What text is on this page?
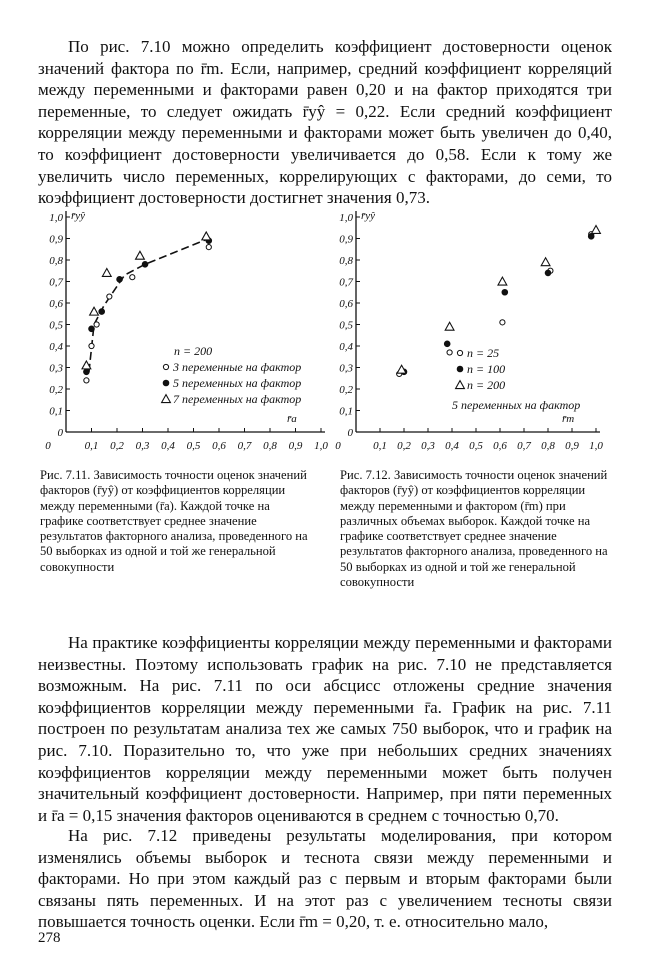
По рис. 7.10 можно определить коэффициент достоверности оценок значений фактора по r̄m. Если, например, средний коэффициент корреляций между переменными и факторами равен 0,20 и на фактор приходятся три переменные, то следует ожидать r̄yŷ = 0,22. Если средний коэффициент корреляции между переменными и факторами может быть увеличен до 0,40, то коэффициент достоверности увеличивается до 0,58. Если к тому же увеличить число переменных, коррелирующих с факторами, до семи, то коэффициент достоверности достигнет значения 0,73.

0
0,1
0,2
0,3
0,4
0,5
0,6
0,7
0,8
0,9
1,0
0,1 0,2 0,3 0,4 0,5 0,6 0,7 0,8 0,9 1,0
0
r̄yŷ
r̄a
n = 200
3 переменные на фактор
5 переменных на фактор
7 переменных на фактор
0
0,1
0,2
0,3
0,4
0,5
0,6
0,7
0,8
0,9
1,0
0,1 0,2 0,3 0,4 0,5 0,6 0,7 0,8 0,9 1,0
0
r̄yŷ
r̄m
n = 25
n = 100
n = 200
5 переменных на фактор

Рис. 7.11. Зависимость точности оценок значений факторов (r̄yŷ) от коэффициентов корреляции между переменными (r̄a). Каждой точке на графике соответствует среднее значение результатов факторного анализа, проведенного на 50 выборках из одной и той же генеральной совокупности

Рис. 7.12. Зависимость точности оценок значений факторов (r̄yŷ) от коэффициентов корреляции между переменными и фактором (r̄m) при различных объемах выборок. Каждой точке на графике соответствует среднее значение результатов факторного анализа, проведенного на 50 выборках из одной и той же генеральной совокупности

На практике коэффициенты корреляции между переменными и факторами неизвестны. Поэтому использовать график на рис. 7.10 не представляется возможным. На рис. 7.11 по оси абсцисс отложены средние значения коэффициентов корреляции между переменными r̄a. График на рис. 7.11 построен по результатам анализа тех же самых 750 выборок, что и график на рис. 7.10. Поразительно то, что уже при небольших средних значениях коэффициентов корреляции между переменными может быть получен значительный коэффициент достоверности. Например, при пяти переменных и r̄a = 0,15 значения факторов оцениваются в среднем с точностью 0,70.

На рис. 7.12 приведены результаты моделирования, при котором изменялись объемы выборок и теснота связи между переменными и факторами. Но при этом каждый раз с первым и вторым факторами были связаны пять переменных. И на этот раз с увеличением тесноты связи повышается точность оценки. Если r̄m = 0,20, т. е. относительно мало,

278
